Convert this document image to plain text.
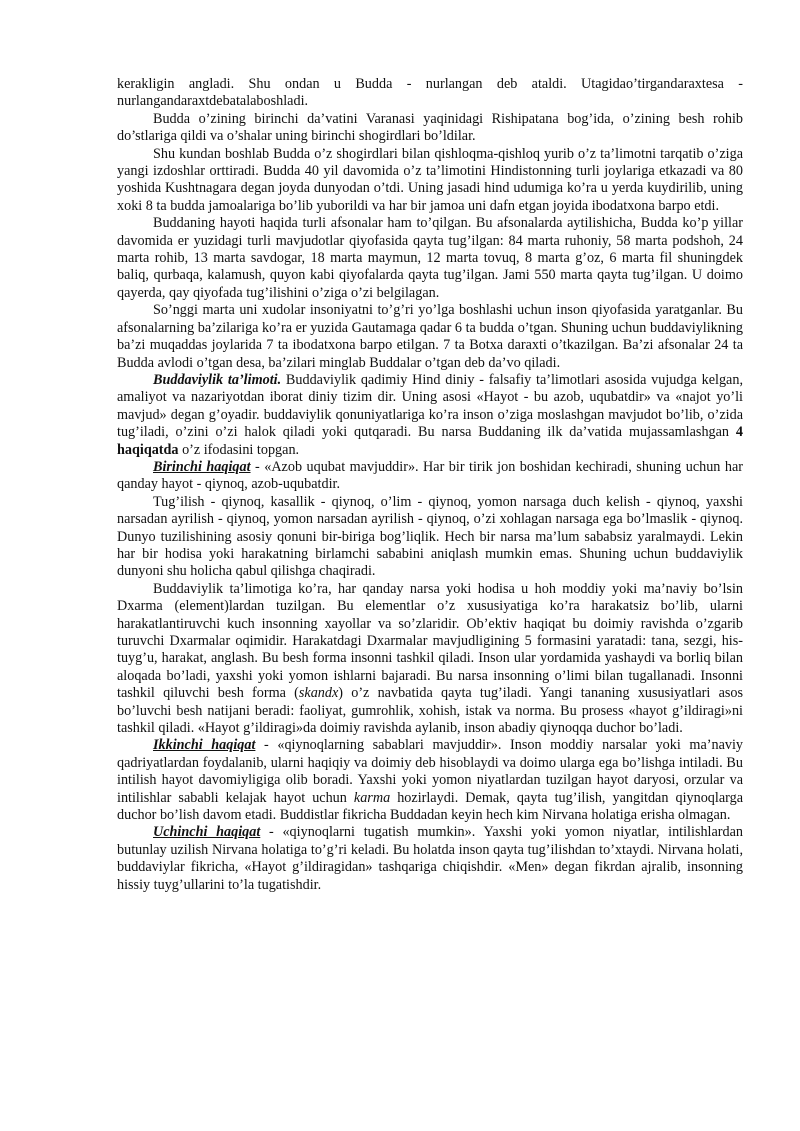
kerakligin angladi. Shu ondan u Budda - nurlangan deb ataldi. Utagidao’tirgandaraxtesa - nurlangandaraxtdebatalaboshladi.

Budda o’zining birinchi da’vatini Varanasi yaqinidagi Rishipatana bog’ida, o’zining besh rohib do’stlariga qildi va o’shalar uning birinchi shogirdlari bo’ldilar.

Shu kundan boshlab Budda o’z shogirdlari bilan qishloqma-qishloq yurib o’z ta’limotni tarqatib o’ziga yangi izdoshlar orttiradi. Budda 40 yil davomida o’z ta’limotini Hindistonning turli joylariga etkazadi va 80 yoshida Kushtnagara degan joyda dunyodan o’tdi. Uning jasadi hind udumiga ko’ra u yerda kuydirilib, uning xoki 8 ta budda jamoalariga bo’lib yuborildi va har bir jamoa uni dafn etgan joyida ibodatxona barpo etdi.

Buddaning hayoti haqida turli afsonalar ham to’qilgan. Bu afsonalarda aytilishicha, Budda ko’p yillar davomida er yuzidagi turli mavjudotlar qiyofasida qayta tug’ilgan: 84 marta ruhoniy, 58 marta podshoh, 24 marta rohib, 13 marta savdogar, 18 marta maymun, 12 marta tovuq, 8 marta g’oz, 6 marta fil shuningdek baliq, qurbaqa, kalamush, quyon kabi qiyofalarda qayta tug’ilgan. Jami 550 marta qayta tug’ilgan. U doimo qayerda, qay qiyofada tug’ilishini o’ziga o’zi belgilagan.

So’nggi marta uni xudolar insoniyatni to’g’ri yo’lga boshlashi uchun inson qiyofasida yaratganlar. Bu afsonalarning ba’zilariga ko’ra er yuzida Gautamaga qadar 6 ta budda o’tgan. Shuning uchun buddaviylikning ba’zi muqaddas joylarida 7 ta ibodatxona barpo etilgan. 7 ta Botxa daraxti o’tkazilgan. Ba’zi afsonalar 24 ta Budda avlodi o’tgan desa, ba’zilari minglab Buddalar o’tgan deb da’vo qiladi.

Buddaviylik ta’limoti. Buddaviylik qadimiy Hind diniy - falsafiy ta’limotlari asosida vujudga kelgan, amaliyot va nazariyotdan iborat diniy tizim dir. Uning asosi «Hayot - bu azob, uqubatdir» va «najot yo’li mavjud» degan g’oyadir. buddaviylik qonuniyatlariga ko’ra inson o’ziga moslashgan mavjudot bo’lib, o’zida tug’iladi, o’zini o’zi halok qiladi yoki qutqaradi. Bu narsa Buddaning ilk da’vatida mujassamlashgan 4 haqiqatda o’z ifodasini topgan.

Birinchi haqiqat - «Azob uqubat mavjuddir». Har bir tirik jon boshidan kechiradi, shuning uchun har qanday hayot - qiynoq, azob-uqubatdir.

Tug’ilish - qiynoq, kasallik - qiynoq, o’lim - qiynoq, yomon narsaga duch kelish - qiynoq, yaxshi narsadan ayrilish - qiynoq, yomon narsadan ayrilish - qiynoq, o’zi xohlagan narsaga ega bo’lmaslik - qiynoq. Dunyo tuzilishining asosiy qonuni bir-biriga bog’liqlik. Hech bir narsa ma’lum sababsiz yaralmaydi. Lekin har bir hodisa yoki harakatning birlamchi sababini aniqlash mumkin emas. Shuning uchun buddaviylik dunyoni shu holicha qabul qilishga chaqiradi.

Buddaviylik ta’limotiga ko’ra, har qanday narsa yoki hodisa u hoh moddiy yoki ma’naviy bo’lsin Dxarma (element)lardan tuzilgan. Bu elementlar o’z xususiyatiga ko’ra harakatsiz bo’lib, ularni harakatlantiruvchi kuch insonning xayollar va so’zlaridir. Ob’ektiv haqiqat bu doimiy ravishda o’zgarib turuvchi Dxarmalar oqimidir. Harakatdagi Dxarmalar mavjudligining 5 formasini yaratadi: tana, sezgi, his-tuyg’u, harakat, anglash. Bu besh forma insonni tashkil qiladi. Inson ular yordamida yashaydi va borliq bilan aloqada bo’ladi, yaxshi yoki yomon ishlarni bajaradi. Bu narsa insonning o’limi bilan tugallanadi. Insonni tashkil qiluvchi besh forma (skandx) o’z navbatida qayta tug’iladi. Yangi tananing xususiyatlari asos bo’luvchi besh natijani beradi: faoliyat, gumrohlik, xohish, istak va norma. Bu prosess «hayot g’ildiragi»ni tashkil qiladi. «Hayot g’ildiragi»da doimiy ravishda aylanib, inson abadiy qiynoqqa duchor bo’ladi.

Ikkinchi haqiqat - «qiynoqlarning sabablari mavjuddir». Inson moddiy narsalar yoki ma’naviy qadriyatlardan foydalanib, ularni haqiqiy va doimiy deb hisoblaydi va doimo ularga ega bo’lishga intiladi. Bu intilish hayot davomiyligiga olib boradi. Yaxshi yoki yomon niyatlardan tuzilgan hayot daryosi, orzular va intilishlar sababli kelajak hayot uchun karma hozirlaydi. Demak, qayta tug’ilish, yangitdan qiynoqlarga duchor bo’lish davom etadi. Buddistlar fikricha Buddadan keyin hech kim Nirvana holatiga erisha olmagan.

Uchinchi haqiqat - «qiynoqlarni tugatish mumkin». Yaxshi yoki yomon niyatlar, intilishlardan butunlay uzilish Nirvana holatiga to’g’ri keladi. Bu holatda inson qayta tug’ilishdan to’xtaydi. Nirvana holati, buddaviylar fikricha, «Hayot g’ildiragidan» tashqariga chiqishdir. «Men» degan fikrdan ajralib, insonning hissiy tuyg’ullarini to’la tugatishdir.
